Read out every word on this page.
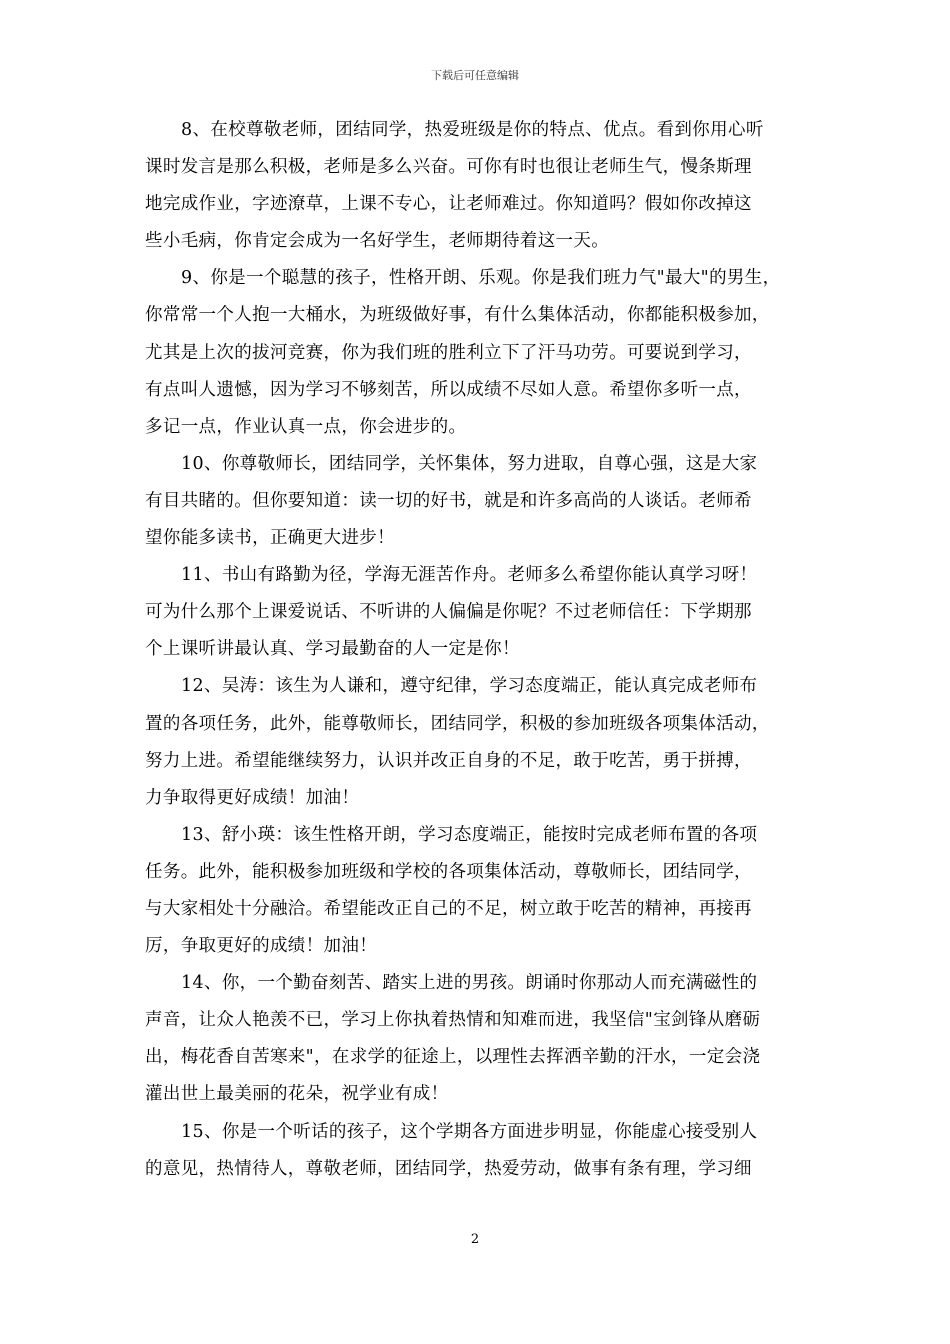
下载后可任意编辑
8、在校尊敬老师，团结同学，热爱班级是你的特点、优点。看到你用心听
课时发言是那么积极，老师是多么兴奋。可你有时也很让老师生气，慢条斯理
地完成作业，字迹潦草，上课不专心，让老师难过。你知道吗？假如你改掉这
些小毛病，你肯定会成为一名好学生，老师期待着这一天。
9、你是一个聪慧的孩子，性格开朗、乐观。你是我们班力气"最大"的男生，
你常常一个人抱一大桶水，为班级做好事，有什么集体活动，你都能积极参加，
尤其是上次的拔河竞赛，你为我们班的胜利立下了汗马功劳。可要说到学习，
有点叫人遗憾，因为学习不够刻苦，所以成绩不尽如人意。希望你多听一点，
多记一点，作业认真一点，你会进步的。
10、你尊敬师长，团结同学，关怀集体，努力进取，自尊心强，这是大家
有目共睹的。但你要知道：读一切的好书，就是和许多高尚的人谈话。老师希
望你能多读书，正确更大进步！
11、书山有路勤为径，学海无涯苦作舟。老师多么希望你能认真学习呀！
可为什么那个上课爱说话、不听讲的人偏偏是你呢？不过老师信任：下学期那
个上课听讲最认真、学习最勤奋的人一定是你！
12、吴涛：该生为人谦和，遵守纪律，学习态度端正，能认真完成老师布
置的各项任务，此外，能尊敬师长，团结同学，积极的参加班级各项集体活动，
努力上进。希望能继续努力，认识并改正自身的不足，敢于吃苦，勇于拼搏，
力争取得更好成绩！加油！
13、舒小瑛：该生性格开朗，学习态度端正，能按时完成老师布置的各项
任务。此外，能积极参加班级和学校的各项集体活动，尊敬师长，团结同学，
与大家相处十分融洽。希望能改正自己的不足，树立敢于吃苦的精神，再接再
厉，争取更好的成绩！加油！
14、你，一个勤奋刻苦、踏实上进的男孩。朗诵时你那动人而充满磁性的
声音，让众人艳羡不已，学习上你执着热情和知难而进，我坚信"宝剑锋从磨砺
出，梅花香自苦寒来"，在求学的征途上，以理性去挥洒辛勤的汗水，一定会浇
灌出世上最美丽的花朵，祝学业有成！
15、你是一个听话的孩子，这个学期各方面进步明显，你能虚心接受别人
的意见，热情待人，尊敬老师，团结同学，热爱劳动，做事有条有理，学习细
2
